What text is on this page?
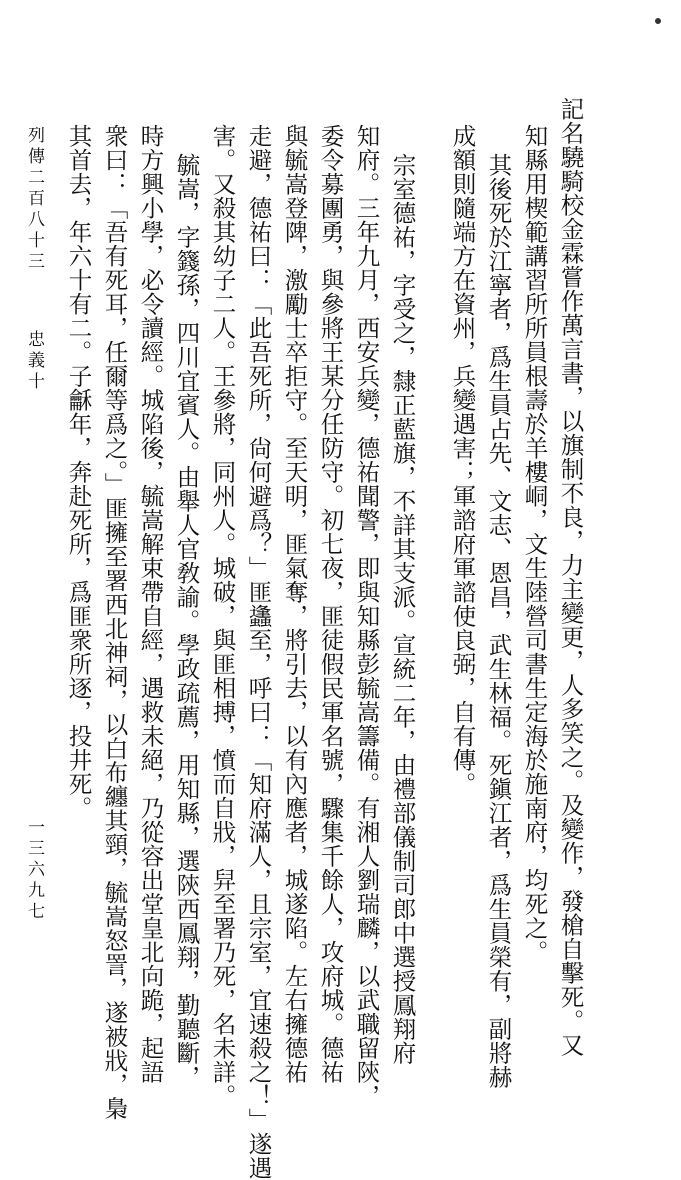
記名驍騎校金霖嘗作萬言書，以旗制不良，力主變更，人多笑之。及變作，發槍自擊死。又
知縣用楔範講習所所員根壽於羊樓峒，文生陸營司書生定海於施南府，均死之。
其後死於江寧者，爲生員占先、文志、恩昌，武生林福。死鎭江者，爲生員榮有，副將赫
成額則隨端方在資州，兵變遇害；軍諮府軍諮使良弼，自有傳。
宗室德祐，字受之，隸正藍旗，不詳其支派。宣統二年，由禮部儀制司郎中選授鳳翔府
知府。三年九月，西安兵變，德祐聞警，即與知縣彭毓嵩籌備。有湘人劉瑞麟，以武職留陝，
委令募團勇，與參將王某分任防守。初七夜，匪徒假民軍名號，驟集千餘人，攻府城。德祐
與毓嵩登陴，激勵士卒拒守。至天明，匪氣奪，將引去，以有內應者，城遂陷。左右擁德祐
走避，德祐曰：「此吾死所，尙何避爲？」匪蠭至，呼曰：「知府滿人，且宗室，宜速殺之！」遂遇
害。又殺其幼子二人。王參將，同州人。城破，與匪相搏，憤而自戕，舁至署乃死，名未詳。
毓嵩，字籛孫，四川宜賓人。由舉人官敎諭。學政疏薦，用知縣，選陝西鳳翔，勤聽斷，
時方興小學，必令讀經。城陷後，毓嵩解束帶自經，遇救未絕，乃從容出堂皇北向跪，起語
衆曰：「吾有死耳，任爾等爲之。」匪擁至署西北神祠，以白布纏其頸，毓嵩怒詈，遂被戕，梟
其首去，年六十有二。子龢年，奔赴死所，爲匪衆所逐，投井死。
列傳二百八十三
忠義十
一三六九七
